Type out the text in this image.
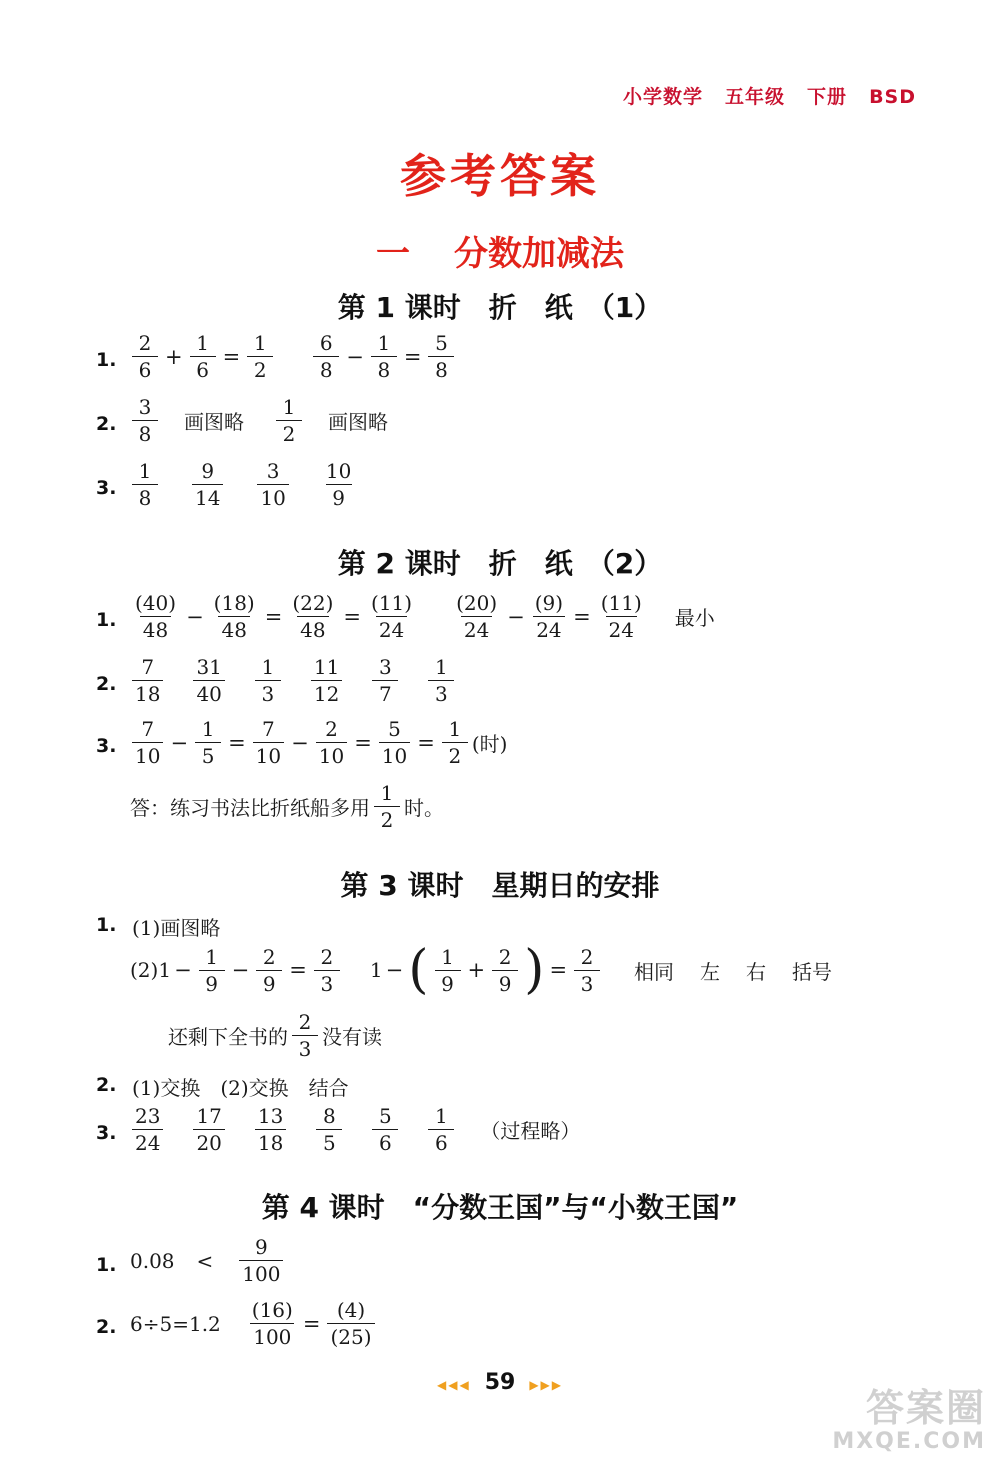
小学数学 五年级 下册 BSD
参考答案
一 分数加减法
第 1 课时　折　纸　（1）
1. $\frac{2}{6} + \frac{1}{6} = \frac{1}{2} \frac{6}{8} - \frac{1}{8} = \frac{5}{8}$
2. $\frac{3}{8}$ 画图略 $\frac{1}{2}$ 画图略
3. $\frac{1}{8} \frac{9}{14} \frac{3}{10} \frac{10}{9}$
第 2 课时　折　纸　（2）
1. $\frac{(40)}{48} - \frac{(18)}{48} = \frac{(22)}{48} = \frac{(11)}{24} \frac{(20)}{24} - \frac{(9)}{24} = \frac{(11)}{24}$ 最小
2. $\frac{7}{18} \frac{31}{40} \frac{1}{3} \frac{11}{12} \frac{3}{7} \frac{1}{3}$
3. $\frac{7}{10} - \frac{1}{5} = \frac{7}{10} - \frac{2}{10} = \frac{5}{10} = \frac{1}{2}$ (时)
答：练习书法比折纸船多用 $\frac{1}{2}$ 时。
第 3 课时　星期日的安排
1. (1)画图略
$(2)1 - \frac{1}{9} - \frac{2}{9} = \frac{2}{3} 1$ − ( $\frac{1}{9} + \frac{2}{9}$ ) = $\frac{2}{3}$ 相同 左 右 括号
还剩下全书的 $\frac{2}{3}$ 没有读
2. (1)交换　(2)交换　结合
3. $\frac{23}{24} \frac{17}{20} \frac{13}{18} \frac{8}{5} \frac{5}{6} \frac{1}{6}$ （过程略）
第 4 课时　“分数王国”与“小数王国”
1. $0.08 < \frac{9}{100}$
2. $6\div 5=1.2 \frac{(16)}{100} = \frac{(4)}{(25)}$
◀◀◀ 59 ▶▶▶
答案圈
MXQE.COM
